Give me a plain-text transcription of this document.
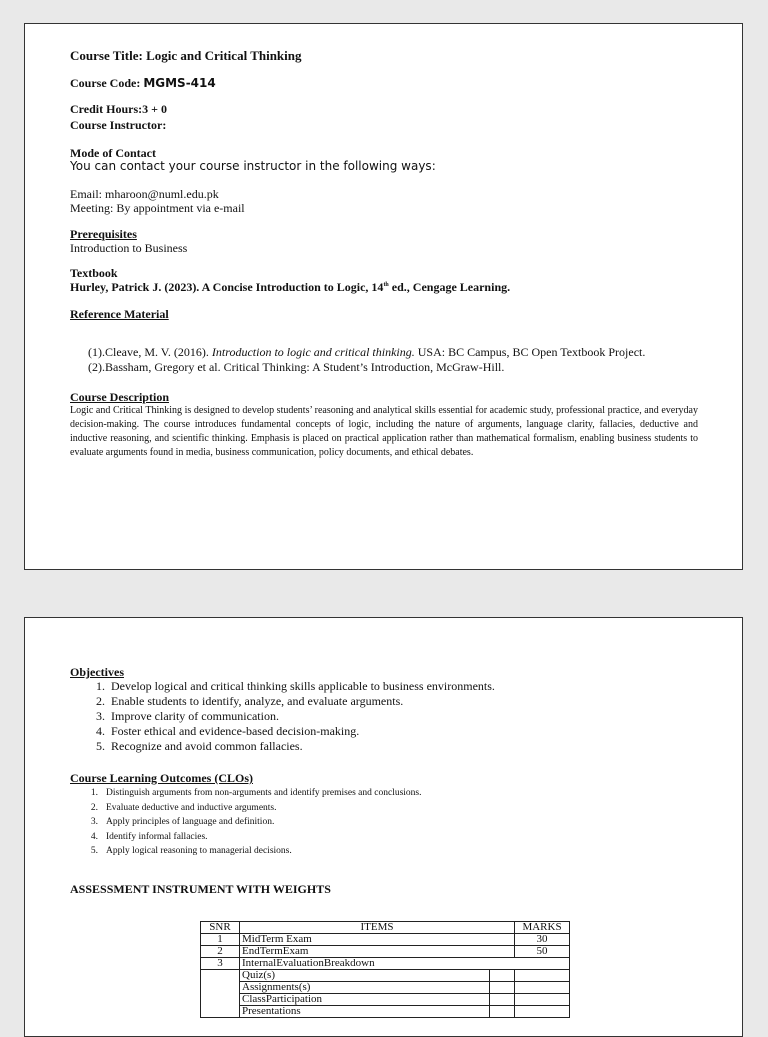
Course Title: Logic and Critical Thinking
Course Code: MGMS-414
Credit Hours:3 + 0
Course Instructor:
Mode of Contact
You can contact your course instructor in the following ways:
Email: mharoon@numl.edu.pk
Meeting: By appointment via e-mail
Prerequisites
Introduction to Business
Textbook
Hurley, Patrick J. (2023). A Concise Introduction to Logic, 14th ed., Cengage Learning.
Reference Material
(1).Cleave, M. V. (2016). Introduction to logic and critical thinking. USA: BC Campus, BC Open Textbook Project.
(2).Bassham, Gregory et al. Critical Thinking: A Student’s Introduction, McGraw-Hill.
Course Description
Logic and Critical Thinking is designed to develop students’ reasoning and analytical skills essential for academic study, professional practice, and everyday decision-making. The course introduces fundamental concepts of logic, including the nature of arguments, language clarity, fallacies, deductive and inductive reasoning, and scientific thinking. Emphasis is placed on practical application rather than mathematical formalism, enabling business students to evaluate arguments found in media, business communication, policy documents, and ethical debates.
Objectives
1. Develop logical and critical thinking skills applicable to business environments.
2. Enable students to identify, analyze, and evaluate arguments.
3. Improve clarity of communication.
4. Foster ethical and evidence-based decision-making.
5. Recognize and avoid common fallacies.
Course Learning Outcomes (CLOs)
1. Distinguish arguments from non-arguments and identify premises and conclusions.
2. Evaluate deductive and inductive arguments.
3. Apply principles of language and definition.
4. Identify informal fallacies.
5. Apply logical reasoning to managerial decisions.
ASSESSMENT INSTRUMENT WITH WEIGHTS
SNR	ITEMS		MARKS
1	MidTerm Exam		30
2	EndTermExam		50
3	InternalEvaluationBreakdown		
	Quiz(s)		
	Assignments(s)		
	ClassParticipation		
	Presentations		
